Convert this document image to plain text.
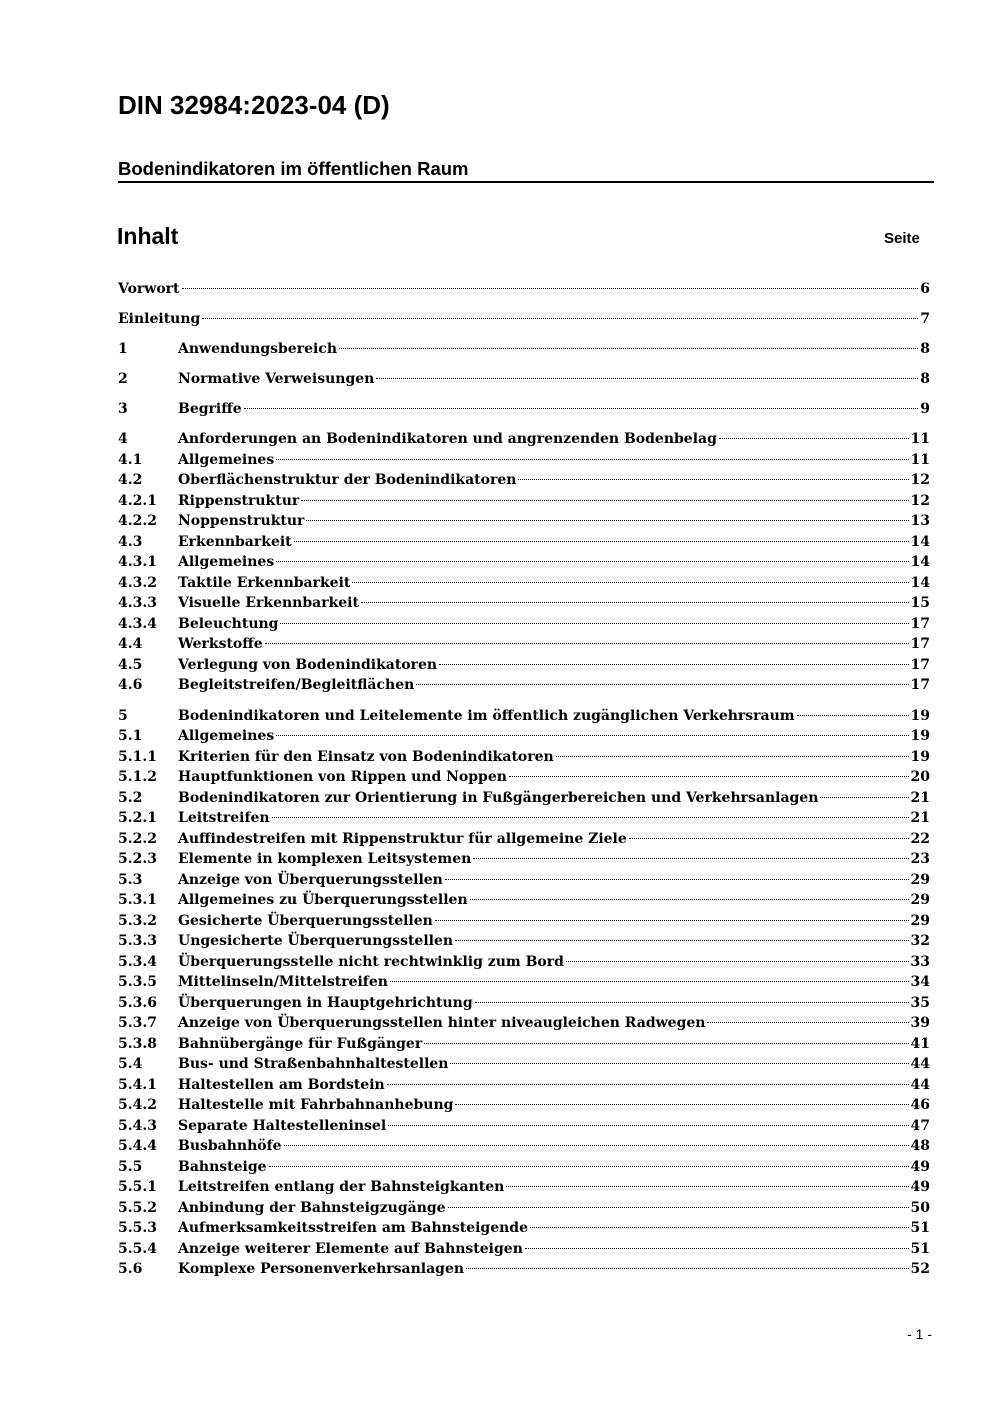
DIN 32984:2023-04 (D)
Bodenindikatoren im öffentlichen Raum
Inhalt	Seite
Vorwort	6
Einleitung	7
1	Anwendungsbereich	8
2	Normative Verweisungen	8
3	Begriffe	9
4	Anforderungen an Bodenindikatoren und angrenzenden Bodenbelag	11
4.1	Allgemeines	11
4.2	Oberflächenstruktur der Bodenindikatoren	12
4.2.1	Rippenstruktur	12
4.2.2	Noppenstruktur	13
4.3	Erkennbarkeit	14
4.3.1	Allgemeines	14
4.3.2	Taktile Erkennbarkeit	14
4.3.3	Visuelle Erkennbarkeit	15
4.3.4	Beleuchtung	17
4.4	Werkstoffe	17
4.5	Verlegung von Bodenindikatoren	17
4.6	Begleitstreifen/Begleitflächen	17
5	Bodenindikatoren und Leitelemente im öffentlich zugänglichen Verkehrsraum	19
5.1	Allgemeines	19
5.1.1	Kriterien für den Einsatz von Bodenindikatoren	19
5.1.2	Hauptfunktionen von Rippen und Noppen	20
5.2	Bodenindikatoren zur Orientierung in Fußgängerbereichen und Verkehrsanlagen	21
5.2.1	Leitstreifen	21
5.2.2	Auffindestreifen mit Rippenstruktur für allgemeine Ziele	22
5.2.3	Elemente in komplexen Leitsystemen	23
5.3	Anzeige von Überquerungsstellen	29
5.3.1	Allgemeines zu Überquerungsstellen	29
5.3.2	Gesicherte Überquerungsstellen	29
5.3.3	Ungesicherte Überquerungsstellen	32
5.3.4	Überquerungsstelle nicht rechtwinklig zum Bord	33
5.3.5	Mittelinseln/Mittelstreifen	34
5.3.6	Überquerungen in Hauptgehrichtung	35
5.3.7	Anzeige von Überquerungsstellen hinter niveaugleichen Radwegen	39
5.3.8	Bahnübergänge für Fußgänger	41
5.4	Bus- und Straßenbahnhaltestellen	44
5.4.1	Haltestellen am Bordstein	44
5.4.2	Haltestelle mit Fahrbahnanhebung	46
5.4.3	Separate Haltestelleninsel	47
5.4.4	Busbahnhöfe	48
5.5	Bahnsteige	49
5.5.1	Leitstreifen entlang der Bahnsteigkanten	49
5.5.2	Anbindung der Bahnsteigzugänge	50
5.5.3	Aufmerksamkeitsstreifen am Bahnsteigende	51
5.5.4	Anzeige weiterer Elemente auf Bahnsteigen	51
5.6	Komplexe Personenverkehrsanlagen	52
- 1 -
